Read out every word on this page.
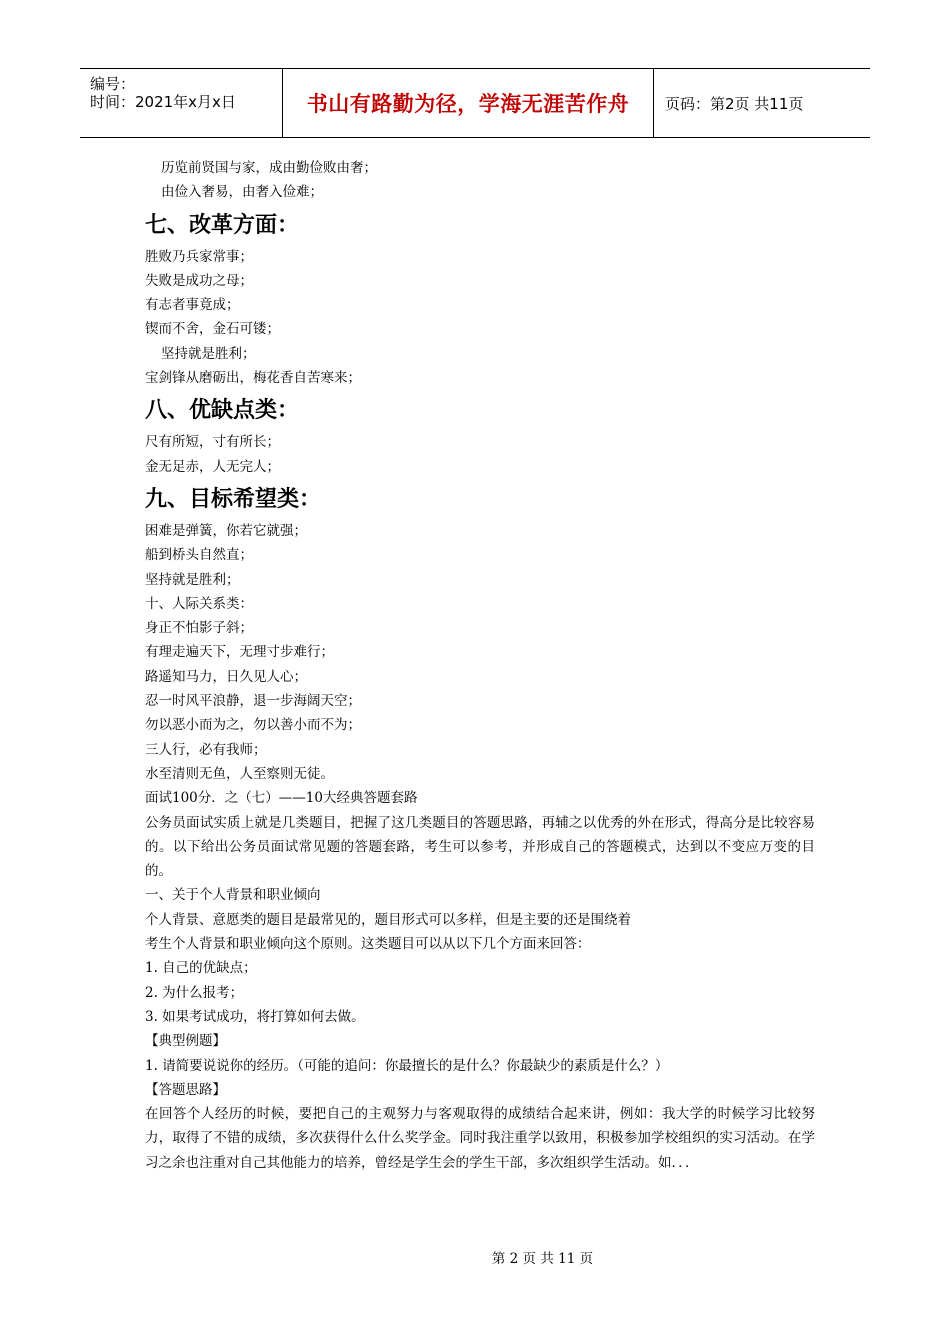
编号：
时间：2021年x月x日	书山有路勤为径，学海无涯苦作舟 页码：第2页 共11页

历览前贤国与家，成由勤俭败由奢；

由俭入奢易，由奢入俭难；

七、改革方面：

胜败乃兵家常事；

失败是成功之母；

有志者事竟成；

锲而不舍，金石可镂；

坚持就是胜利；

宝剑锋从磨砺出，梅花香自苦寒来；

八、优缺点类：

尺有所短，寸有所长；

金无足赤，人无完人；

九、目标希望类：

困难是弹簧，你若它就强；

船到桥头自然直；

坚持就是胜利；

十、人际关系类：

身正不怕影子斜；

有理走遍天下，无理寸步难行；

路遥知马力，日久见人心；

忍一时风平浪静，退一步海阔天空；

勿以恶小而为之，勿以善小而不为；

三人行，必有我师；

水至清则无鱼，人至察则无徒。

面试100分．之（七）——10大经典答题套路

公务员面试实质上就是几类题目，把握了这几类题目的答题思路，再辅之以优秀的外在形式，得高分是比较容易的。以下给出公务员面试常见题的答题套路，考生可以参考，并形成自己的答题模式，达到以不变应万变的目的。

一、关于个人背景和职业倾向

个人背景、意愿类的题目是最常见的，题目形式可以多样，但是主要的还是围绕着

考生个人背景和职业倾向这个原则。这类题目可以从以下几个方面来回答：

1. 自己的优缺点；

2. 为什么报考；

3. 如果考试成功，将打算如何去做。

【典型例题】

1. 请简要说说你的经历。（可能的追问：你最擅长的是什么？你最缺少的素质是什么？）

【答题思路】

在回答个人经历的时候，要把自己的主观努力与客观取得的成绩结合起来讲，例如：我大学的时候学习比较努力，取得了不错的成绩，多次获得什么什么奖学金。同时我注重学以致用，积极参加学校组织的实习活动。在学习之余也注重对自己其他能力的培养，曾经是学生会的学生干部，多次组织学生活动。如．．．

第 2 页 共 11 页
